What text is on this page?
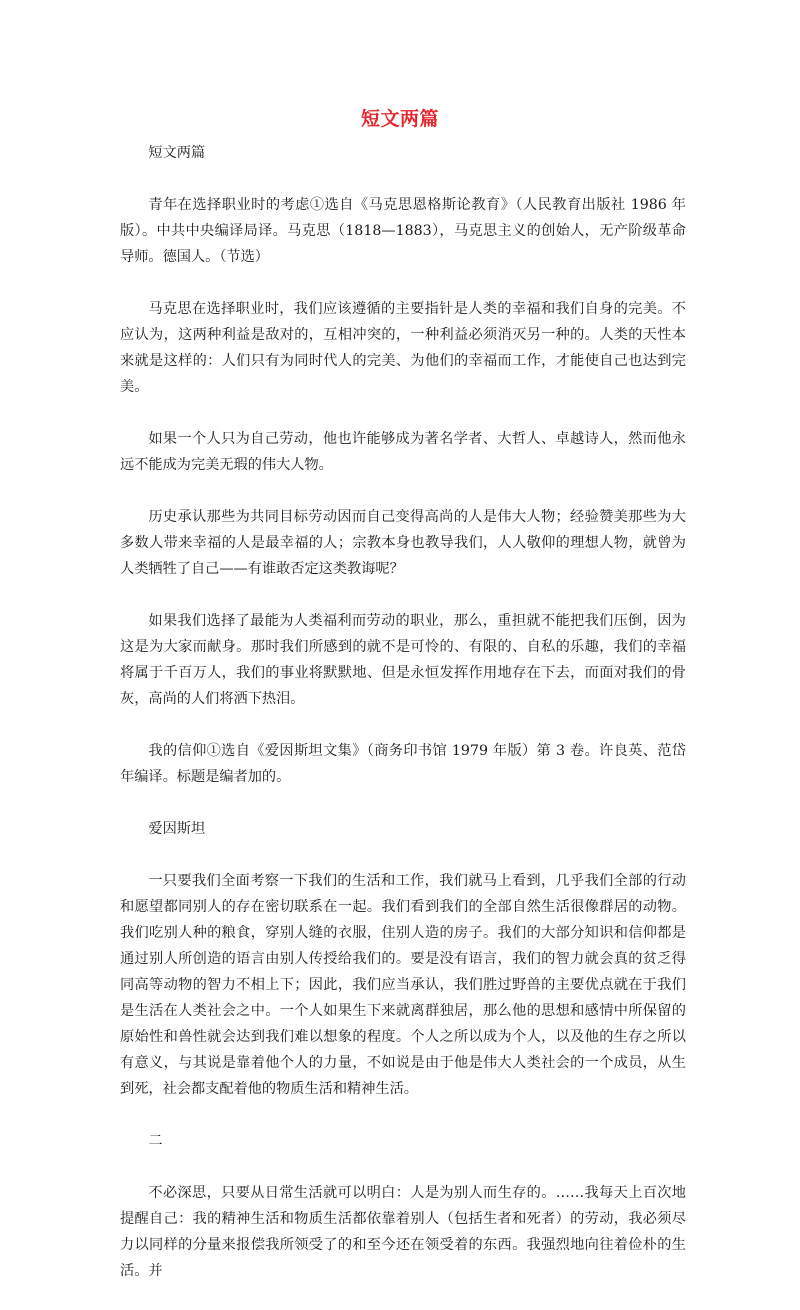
短文两篇

短文两篇

青年在选择职业时的考虑①选自《马克思恩格斯论教育》（人民教育出版社 1986 年版）。中共中央编译局译。马克思（1818—1883），马克思主义的创始人，无产阶级革命导师。德国人。（节选）

马克思在选择职业时，我们应该遵循的主要指针是人类的幸福和我们自身的完美。不应认为，这两种利益是敌对的，互相冲突的，一种利益必须消灭另一种的。人类的天性本来就是这样的：人们只有为同时代人的完美、为他们的幸福而工作，才能使自己也达到完美。

如果一个人只为自己劳动，他也许能够成为著名学者、大哲人、卓越诗人，然而他永远不能成为完美无瑕的伟大人物。

历史承认那些为共同目标劳动因而自己变得高尚的人是伟大人物；经验赞美那些为大多数人带来幸福的人是最幸福的人；宗教本身也教导我们，人人敬仰的理想人物，就曾为人类牺牲了自己——有谁敢否定这类教诲呢？

如果我们选择了最能为人类福利而劳动的职业，那么，重担就不能把我们压倒，因为这是为大家而献身。那时我们所感到的就不是可怜的、有限的、自私的乐趣，我们的幸福将属于千百万人，我们的事业将默默地、但是永恒发挥作用地存在下去，而面对我们的骨灰，高尚的人们将洒下热泪。

我的信仰①选自《爱因斯坦文集》（商务印书馆 1979 年版）第 3 卷。许良英、范岱年编译。标题是编者加的。

爱因斯坦

一只要我们全面考察一下我们的生活和工作，我们就马上看到，几乎我们全部的行动和愿望都同别人的存在密切联系在一起。我们看到我们的全部自然生活很像群居的动物。我们吃别人种的粮食，穿别人缝的衣服，住别人造的房子。我们的大部分知识和信仰都是通过别人所创造的语言由别人传授给我们的。要是没有语言，我们的智力就会真的贫乏得同高等动物的智力不相上下；因此，我们应当承认，我们胜过野兽的主要优点就在于我们是生活在人类社会之中。一个人如果生下来就离群独居，那么他的思想和感情中所保留的原始性和兽性就会达到我们难以想象的程度。个人之所以成为个人，以及他的生存之所以有意义，与其说是靠着他个人的力量，不如说是由于他是伟大人类社会的一个成员，从生到死，社会都支配着他的物质生活和精神生活。

二

不必深思，只要从日常生活就可以明白：人是为别人而生存的。……我每天上百次地提醒自己：我的精神生活和物质生活都依靠着别人（包括生者和死者）的劳动，我必须尽力以同样的分量来报偿我所领受了的和至今还在领受着的东西。我强烈地向往着俭朴的生活。并
